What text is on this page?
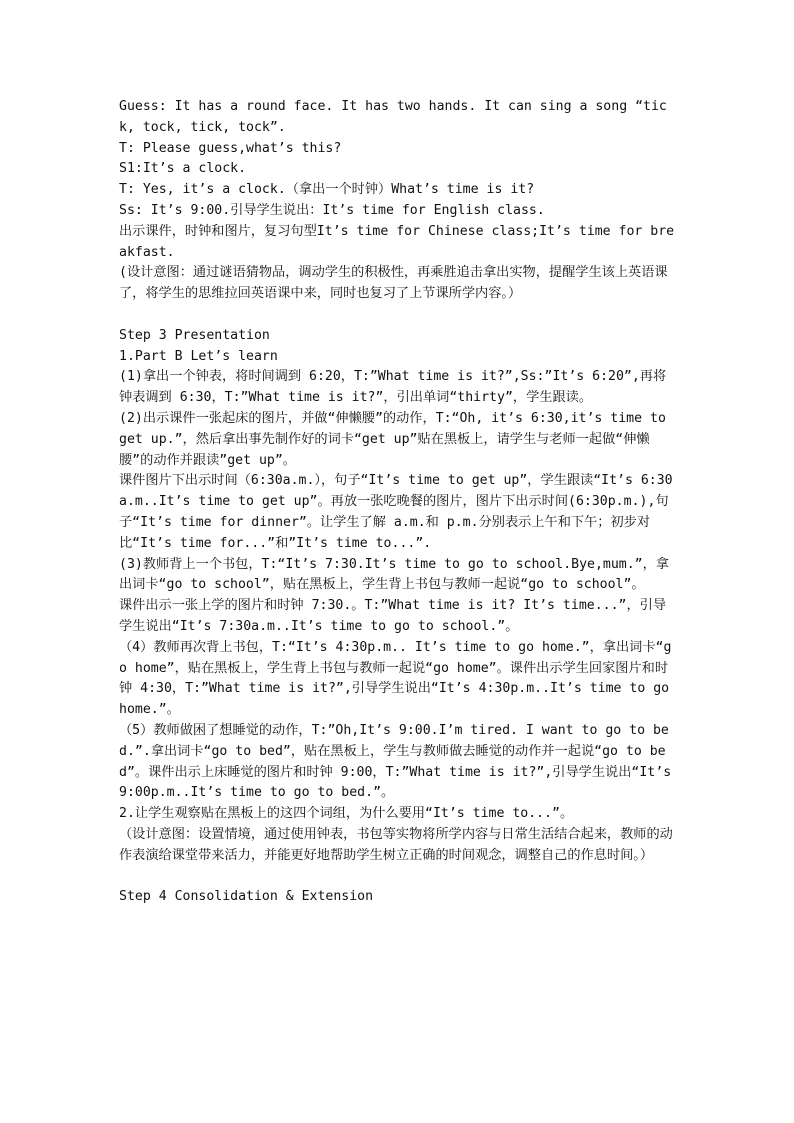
Guess: It has a round face. It has two hands. It can sing a song “tick, tock, tick, tock”.

T: Please guess,what’s this?

S1:It’s a clock.

T: Yes, it’s a clock.（拿出一个时钟）What’s time is it?

Ss: It’s 9:00.引导学生说出：It’s time for English class.

出示课件，时钟和图片，复习句型It’s time for Chinese class;It’s time for breakfast.

(设计意图：通过谜语猜物品，调动学生的积极性，再乘胜追击拿出实物，提醒学生该上英语课了，将学生的思维拉回英语课中来，同时也复习了上节课所学内容。）

Step 3 Presentation

1.Part B Let’s learn

(1)拿出一个钟表，将时间调到 6:20，T:”What time is it?”,Ss:”It’s 6:20”,再将钟表调到 6:30，T:”What time is it?”，引出单词“thirty”，学生跟读。

(2)出示课件一张起床的图片，并做“伸懒腰”的动作，T:“Oh, it’s 6:30,it’s time to get up.”，然后拿出事先制作好的词卡“get up”贴在黑板上，请学生与老师一起做“伸懒腰”的动作并跟读”get up”。

课件图片下出示时间（6:30a.m.），句子“It’s time to get up”，学生跟读“It’s 6:30 a.m..It’s time to get up”。再放一张吃晚餐的图片，图片下出示时间(6:30p.m.),句子“It’s time for dinner”。让学生了解 a.m.和 p.m.分别表示上午和下午；初步对比“It’s time for...”和”It’s time to...”.

(3)教师背上一个书包，T:“It’s 7:30.It’s time to go to school.Bye,mum.”，拿出词卡“go to school”，贴在黑板上，学生背上书包与教师一起说“go to school”。

课件出示一张上学的图片和时钟 7:30.。T:”What time is it? It’s time...”，引导学生说出“It’s 7:30a.m..It’s time to go to school.”。

（4）教师再次背上书包，T:“It’s 4:30p.m.. It’s time to go home.”，拿出词卡“go home”，贴在黑板上，学生背上书包与教师一起说“go home”。课件出示学生回家图片和时钟 4:30，T:”What time is it?”,引导学生说出“It’s 4:30p.m..It’s time to go home.”。

（5）教师做困了想睡觉的动作，T:”Oh,It’s 9:00.I’m tired. I want to go to bed.”.拿出词卡“go to bed”，贴在黑板上，学生与教师做去睡觉的动作并一起说“go to bed”。课件出示上床睡觉的图片和时钟 9:00，T:”What time is it?”,引导学生说出“It’s 9:00p.m..It’s time to go to bed.”。

2.让学生观察贴在黑板上的这四个词组，为什么要用“It’s time to...”。

（设计意图：设置情境，通过使用钟表，书包等实物将所学内容与日常生活结合起来，教师的动作表演给课堂带来活力，并能更好地帮助学生树立正确的时间观念，调整自己的作息时间。）

Step 4 Consolidation & Extension
